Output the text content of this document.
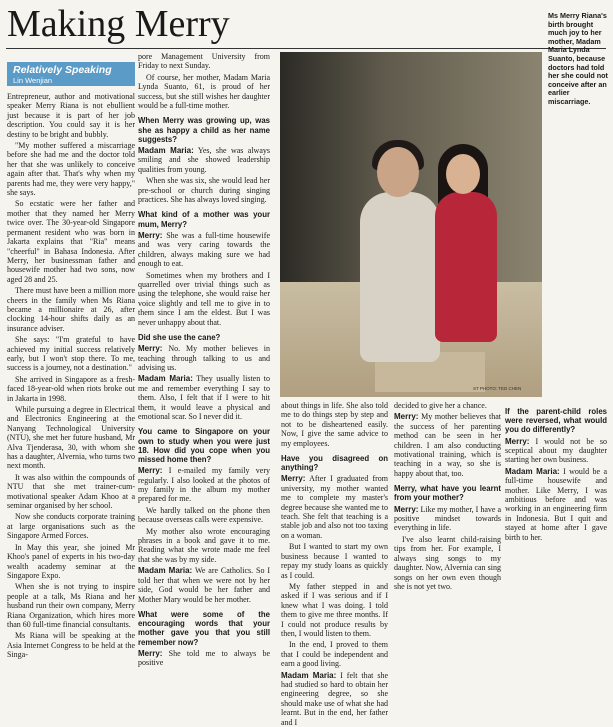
Making Merry
Relatively Speaking
Lin Wenjian

Entrepreneur, author and motivational speaker Merry Riana is not ebullient just because it is part of her job description. You could say it is her destiny to be bright and bubbly.

"My mother suffered a miscarriage before she had me and the doctor told her that she was unlikely to conceive again after that. That's why when my parents had me, they were very happy," she says.

So ecstatic were her father and mother that they named her Merry twice over. The 30-year-old Singapore permanent resident who was born in Jakarta explains that "Ria" means "cheerful" in Bahasa Indonesia. After Merry, her businessman father and housewife mother had two sons, now aged 28 and 25.

There must have been a million more cheers in the family when Ms Riana became a millionaire at 26, after clocking 14-hour shifts daily as an insurance adviser.

She says: "I'm grateful to have achieved my initial success relatively early, but I won't stop there. To me, success is a journey, not a destination."

She arrived in Singapore as a fresh-faced 18-year-old when riots broke out in Jakarta in 1998.

While pursuing a degree in Electrical and Electronics Engineering at the Nanyang Technological University (NTU), she met her future husband, Mr Alva Tjenderasa, 30, with whom she has a daughter, Alvernia, who turns two next month.

It was also within the compounds of NTU that she met trainer-cum-motivational speaker Adam Khoo at a seminar organised by her school.

Now she conducts corporate training at large organisations such as the Singapore Armed Forces.

In May this year, she joined Mr Khoo's panel of experts in his two-day wealth academy seminar at the Singapore Expo.

When she is not trying to inspire people at a talk, Ms Riana and her husband run their own company, Merry Riana Organization, which hires more than 60 full-time financial consultants.

Ms Riana will be speaking at the Asia Internet Congress to be held at the Singa-

pore Management University from Friday to next Sunday.

Of course, her mother, Madam Maria Lynda Suanto, 61, is proud of her success, but she still wishes her daughter would be a full-time mother.

When Merry was growing up, was she as happy a child as her name suggests?

Madam Maria: Yes, she was always smiling and she showed leadership qualities from young.

When she was six, she would lead her pre-school or church during singing practices. She has always loved singing.

What kind of a mother was your mum, Merry?

Merry: She was a full-time housewife and was very caring towards the children, always making sure we had enough to eat.

Sometimes when my brothers and I quarrelled over trivial things such as using the telephone, she would raise her voice slightly and tell me to give in to them since I am the eldest. But I was never unhappy about that.

Did she use the cane?

Merry: No. My mother believes in teaching through talking to us and advising us.

Madam Maria: They usually listen to me and remember everything I say to them. Also, I felt that if I were to hit them, it would leave a physical and emotional scar. So I never did it.

You came to Singapore on your own to study when you were just 18. How did you cope when you missed home then?

Merry: I e-mailed my family very regularly. I also looked at the photos of my family in the album my mother prepared for me.

We hardly talked on the phone then because overseas calls were expensive.

My mother also wrote encouraging phrases in a book and gave it to me. Reading what she wrote made me feel that she was by my side.

Madam Maria: We are Catholics. So I told her that when we were not by her side, God would be her father and Mother Mary would be her mother.

What were some of the encouraging words that your mother gave you that you still remember now?

Merry: She told me to always be positive

ST PHOTO: TED CHEN
Ms Merry Riana's birth brought much joy to her mother, Madam Maria Lynda Suanto, because doctors had told her she could not conceive after an earlier miscarriage.

about things in life. She also told me to do things step by step and not to be disheartened easily. Now, I give the same advice to my employees.

Have you disagreed on anything?

Merry: After I graduated from university, my mother wanted me to complete my master's degree because she wanted me to teach. She felt that teaching is a stable job and also not too taxing on a woman.

But I wanted to start my own business because I wanted to repay my study loans as quickly as I could.

My father stepped in and asked if I was serious and if I knew what I was doing. I told them to give me three months. If I could not produce results by then, I would listen to them.

In the end, I proved to them that I could be independent and earn a good living.

Madam Maria: I felt that she had studied so hard to obtain her engineering degree, so she should make use of what she had learnt. But in the end, her father and I

decided to give her a chance.

Merry: My mother believes that the success of her parenting method can be seen in her children. I am also conducting motivational training, which is teaching in a way, so she is happy about that, too.

Merry, what have you learnt from your mother?

Merry: Like my mother, I have a positive mindset towards everything in life.

I've also learnt child-raising tips from her. For example, I always sing songs to my daughter. Now, Alvernia can sing songs on her own even though she is not yet two.

If the parent-child roles were reversed, what would you do differently?

Merry: I would not be so sceptical about my daughter starting her own business.

Madam Maria: I would be a full-time housewife and mother. Like Merry, I was ambitious before and was working in an engineering firm in Indonesia. But I quit and stayed at home after I gave birth to her.
